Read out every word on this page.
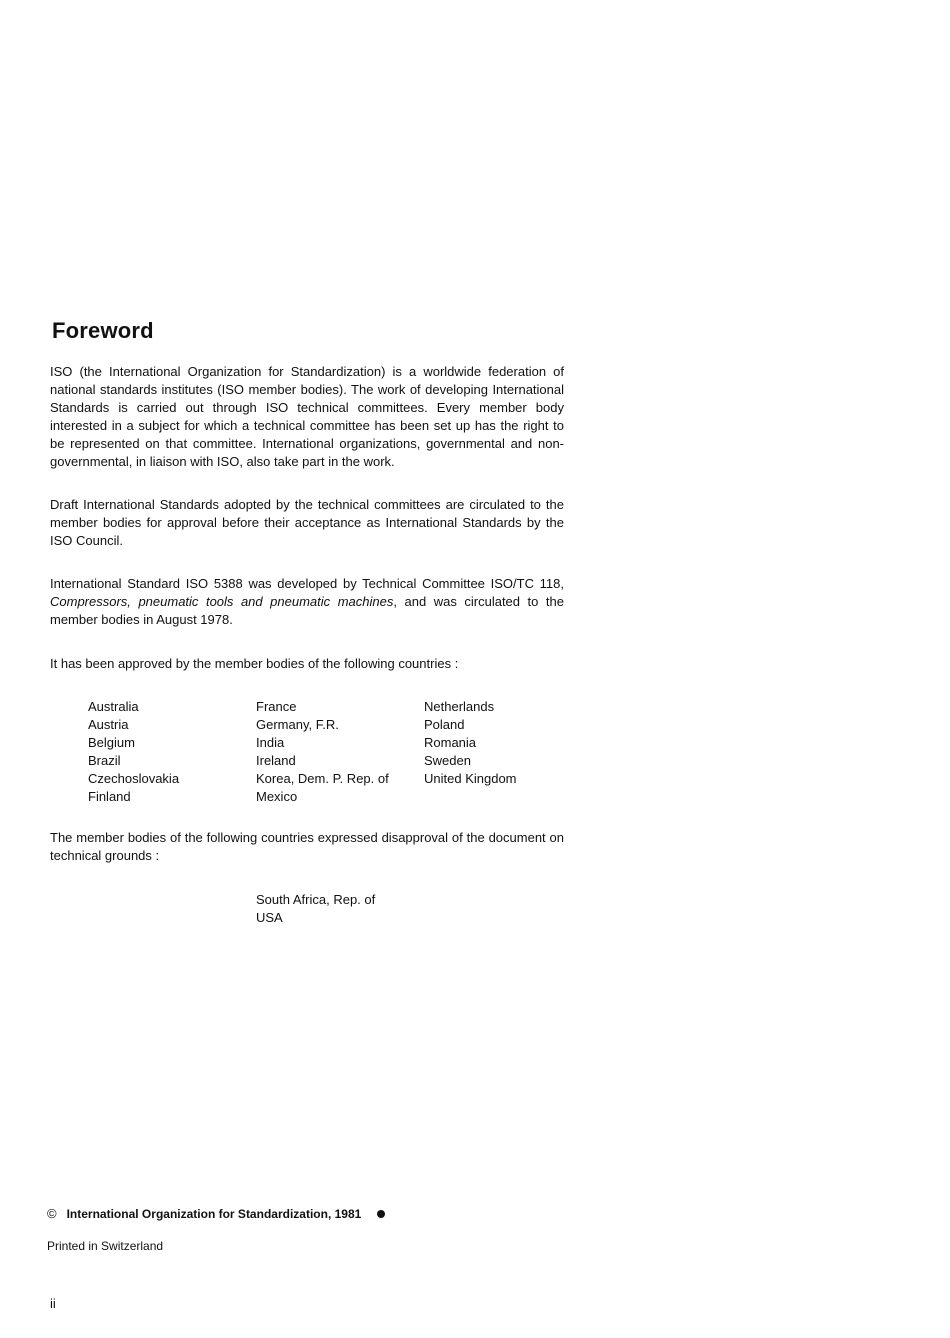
Foreword

ISO (the International Organization for Standardization) is a worldwide federation of national standards institutes (ISO member bodies). The work of developing International Standards is carried out through ISO technical committees. Every member body interested in a subject for which a technical committee has been set up has the right to be represented on that committee. International organizations, governmental and non-governmental, in liaison with ISO, also take part in the work.

Draft International Standards adopted by the technical committees are circulated to the member bodies for approval before their acceptance as International Standards by the ISO Council.

International Standard ISO 5388 was developed by Technical Committee ISO/TC 118, Compressors, pneumatic tools and pneumatic machines, and was circulated to the member bodies in August 1978.

It has been approved by the member bodies of the following countries :

Australia
Austria
Belgium
Brazil
Czechoslovakia
Finland
France
Germany, F.R.
India
Ireland
Korea, Dem. P. Rep. of
Mexico
Netherlands
Poland
Romania
Sweden
United Kingdom

The member bodies of the following countries expressed disapproval of the document on technical grounds :

South Africa, Rep. of
USA
© International Organization for Standardization, 1981
Printed in Switzerland
ii
